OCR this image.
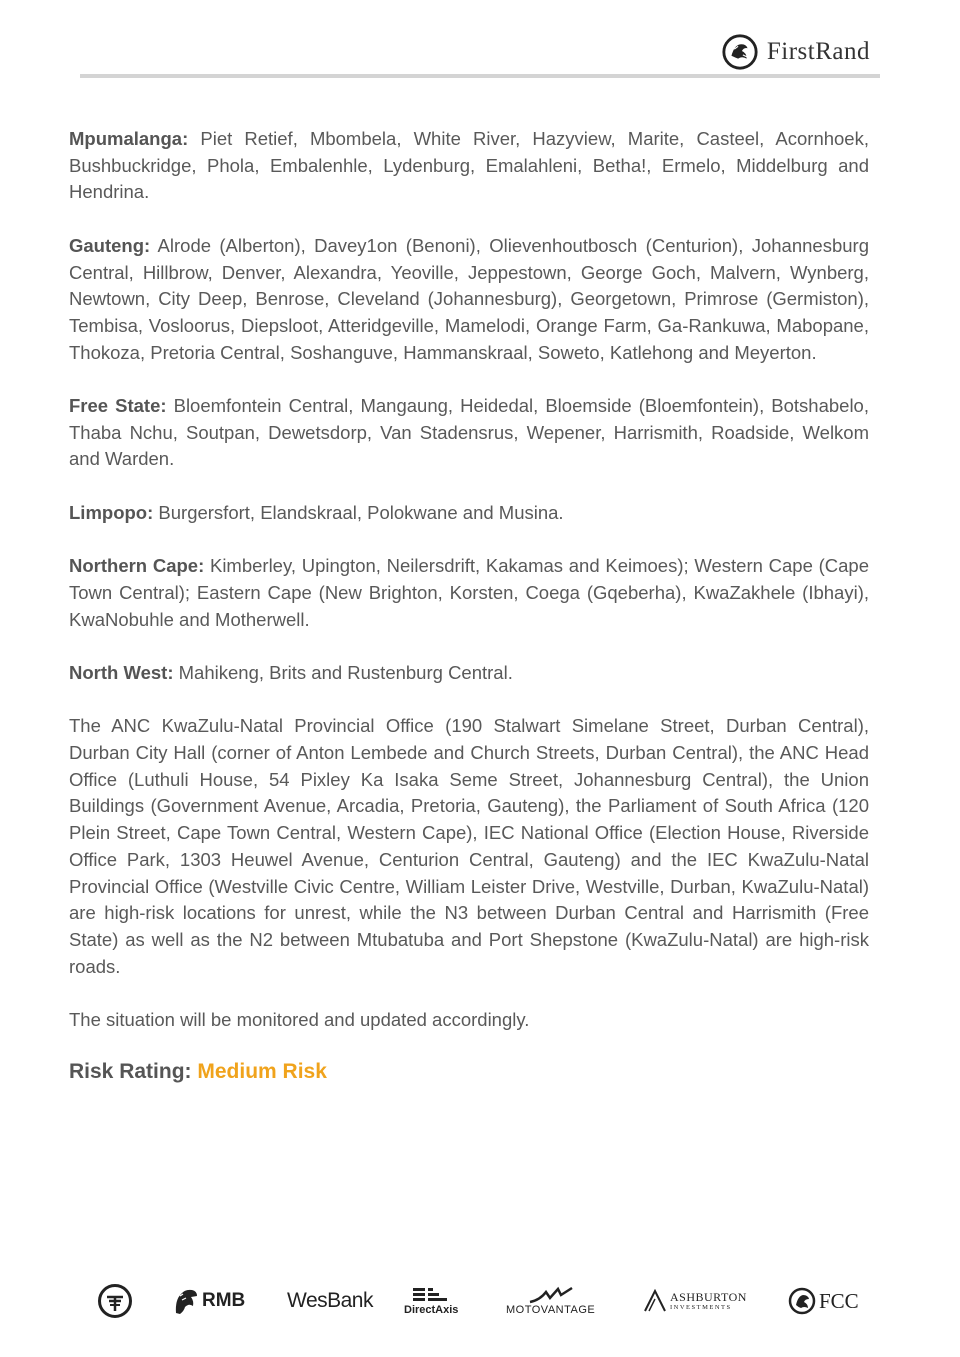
FirstRand

Mpumalanga: Piet Retief, Mbombela, White River, Hazyview, Marite, Casteel, Acornhoek, Bushbuckridge, Phola, Embalenhle, Lydenburg, Emalahleni, Betha!, Ermelo, Middelburg and Hendrina.

Gauteng: Alrode (Alberton), Davey1on (Benoni), Olievenhoutbosch (Centurion), Johannesburg Central, Hillbrow, Denver, Alexandra, Yeoville, Jeppestown, George Goch, Malvern, Wynberg, Newtown, City Deep, Benrose, Cleveland (Johannesburg), Georgetown, Primrose (Germiston), Tembisa, Vosloorus, Diepsloot, Atteridgeville, Mamelodi, Orange Farm, Ga-Rankuwa, Mabopane, Thokoza, Pretoria Central, Soshanguve, Hammanskraal, Soweto, Katlehong and Meyerton.

Free State: Bloemfontein Central, Mangaung, Heidedal, Bloemside (Bloemfontein), Botshabelo, Thaba Nchu, Soutpan, Dewetsdorp, Van Stadensrus, Wepener, Harrismith, Roadside, Welkom and Warden.

Limpopo: Burgersfort, Elandskraal, Polokwane and Musina.

Northern Cape: Kimberley, Upington, Neilersdrift, Kakamas and Keimoes); Western Cape (Cape Town Central); Eastern Cape (New Brighton, Korsten, Coega (Gqeberha), KwaZakhele (Ibhayi), KwaNobuhle and Motherwell.

North West: Mahikeng, Brits and Rustenburg Central.

The ANC KwaZulu-Natal Provincial Office (190 Stalwart Simelane Street, Durban Central), Durban City Hall (corner of Anton Lembede and Church Streets, Durban Central), the ANC Head Office (Luthuli House, 54 Pixley Ka Isaka Seme Street, Johannesburg Central), the Union Buildings (Government Avenue, Arcadia, Pretoria, Gauteng), the Parliament of South Africa (120 Plein Street, Cape Town Central, Western Cape), IEC National Office (Election House, Riverside Office Park, 1303 Heuwel Avenue, Centurion Central, Gauteng) and the IEC KwaZulu-Natal Provincial Office (Westville Civic Centre, William Leister Drive, Westville, Durban, KwaZulu-Natal) are high-risk locations for unrest, while the N3 between Durban Central and Harrismith (Free State) as well as the N2 between Mtubatuba and Port Shepstone (KwaZulu-Natal) are high-risk roads.

The situation will be monitored and updated accordingly.

Risk Rating: Medium Risk
RMB WesBank	DirectAxis	MOTOVANTAGE
ASHBURTON
INVESTMENTS	FCC
